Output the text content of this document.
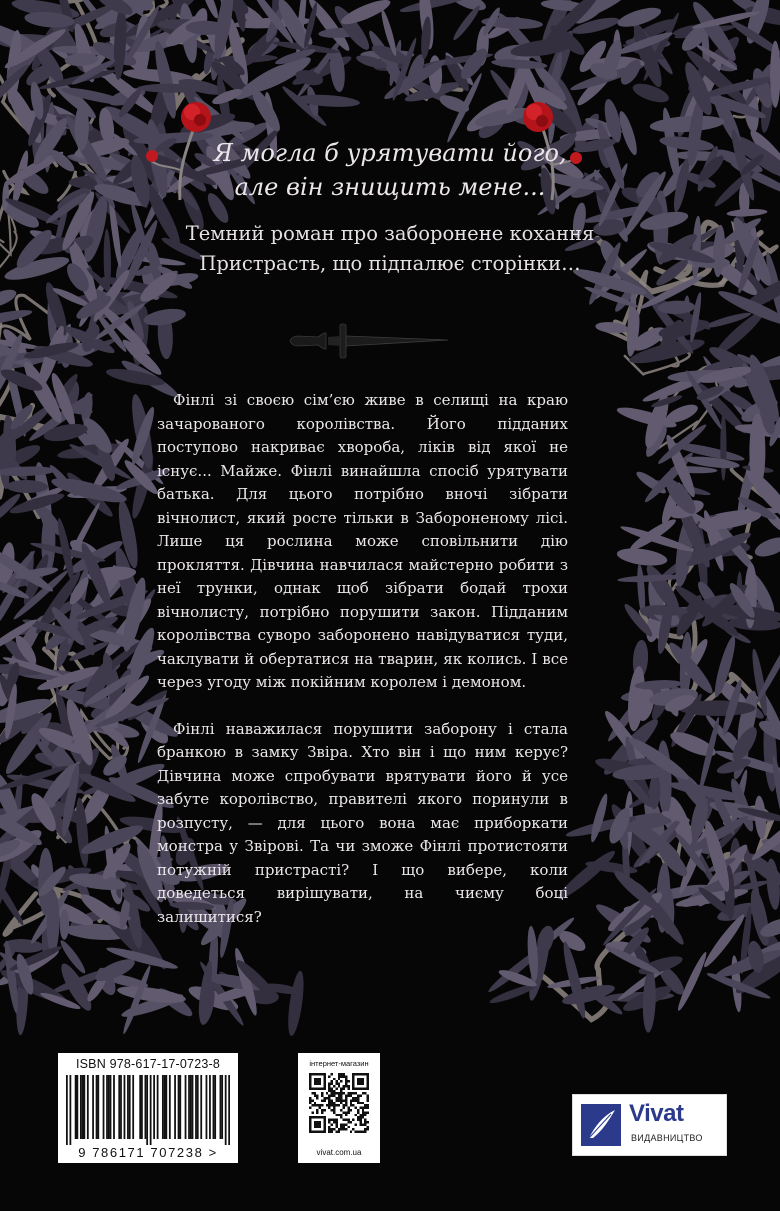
Я могла б урятувати його,
але він знищить мене...
Темний роман про заборонене кохання
Пристрасть, що підпалює сторінки…

Фінлі зі своєю сім’єю живе в селищі на краю зачарованого королівства. Його підданих поступово накриває хвороба, ліків від якої не існує... Майже. Фінлі винайшла спосіб урятувати батька. Для цього потрібно вночі зібрати вічнолист, який росте тільки в Забороненому лісі. Лише ця рослина може сповільнити дію прокляття. Дівчина навчилася майстерно робити з неї трунки, однак щоб зібрати бодай трохи вічнолисту, потрібно порушити закон. Підданим королівства суворо заборонено навідуватися туди, чаклувати й обертатися на тварин, як колись. І все через угоду між покійним королем і демоном.

Фінлі наважилася порушити заборону і стала бранкою в замку Звіра. Хто він і що ним керує? Дівчина може спробувати врятувати його й усе забуте королівство, правителі якого поринули в розпусту, — для цього вона має приборкати монстра у Звірові. Та чи зможе Фінлі протистояти потужній пристрасті? І що вибере, коли доведеться вирішувати, на чиєму боці залишитися?

ISBN 978-617-17-0723-8
9 786171 707238 >
інтернет-магазин
vivat.com.ua
Vivat
ВИДАВНИЦТВО
